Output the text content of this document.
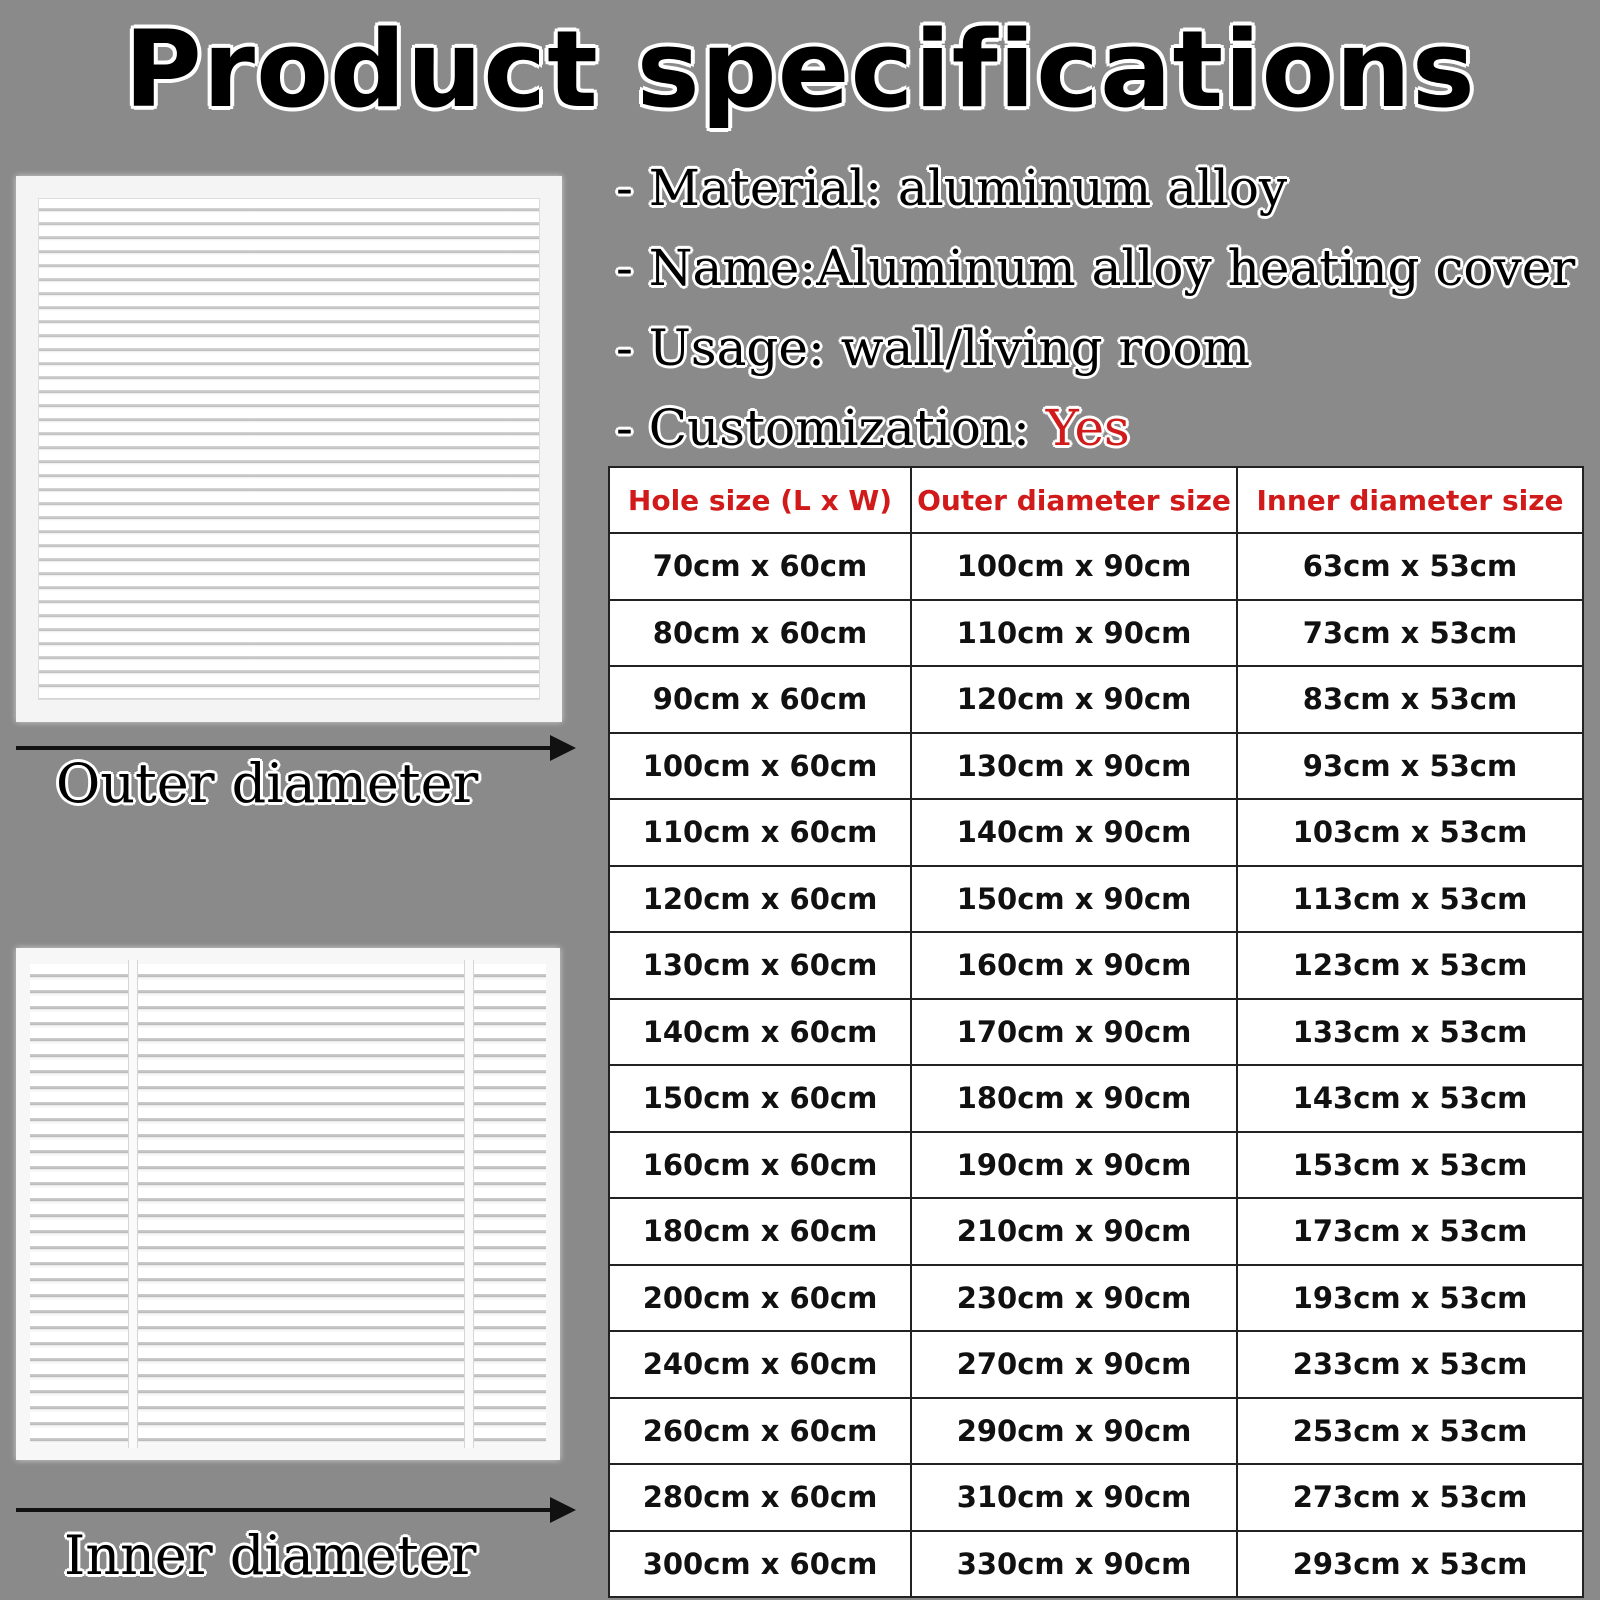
Product specifications
- Material: aluminum alloy
- Name:Aluminum alloy heating cover
- Usage: wall/living room
- Customization: Yes
Outer diameter
Inner diameter
Hole size (L x W)	Outer diameter size	Inner diameter size
70cm x 60cm	100cm x 90cm	63cm x 53cm
80cm x 60cm	110cm x 90cm	73cm x 53cm
90cm x 60cm	120cm x 90cm	83cm x 53cm
100cm x 60cm	130cm x 90cm	93cm x 53cm
110cm x 60cm	140cm x 90cm	103cm x 53cm
120cm x 60cm	150cm x 90cm	113cm x 53cm
130cm x 60cm	160cm x 90cm	123cm x 53cm
140cm x 60cm	170cm x 90cm	133cm x 53cm
150cm x 60cm	180cm x 90cm	143cm x 53cm
160cm x 60cm	190cm x 90cm	153cm x 53cm
180cm x 60cm	210cm x 90cm	173cm x 53cm
200cm x 60cm	230cm x 90cm	193cm x 53cm
240cm x 60cm	270cm x 90cm	233cm x 53cm
260cm x 60cm	290cm x 90cm	253cm x 53cm
280cm x 60cm	310cm x 90cm	273cm x 53cm
300cm x 60cm	330cm x 90cm	293cm x 53cm
